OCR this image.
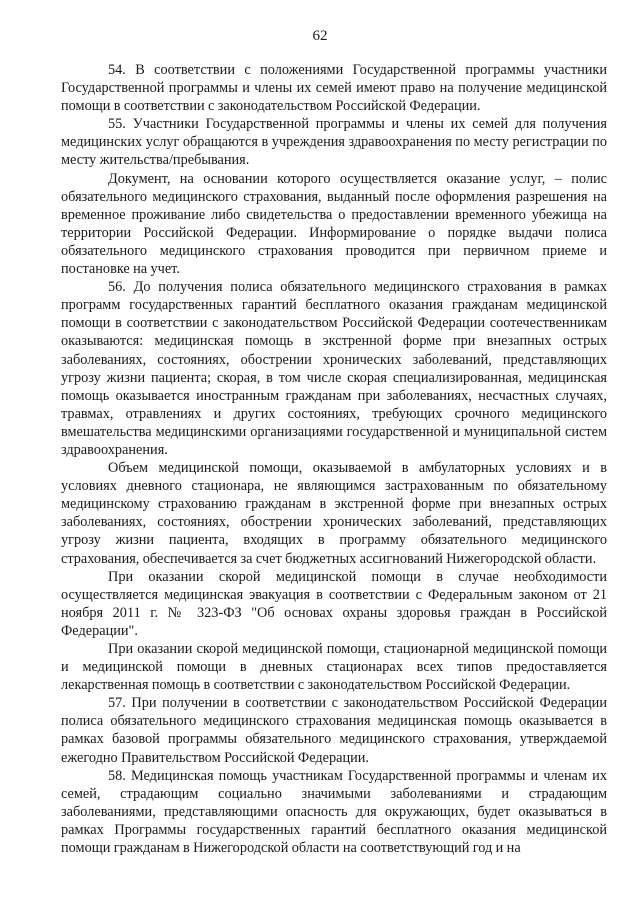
62

54. В соответствии с положениями Государственной программы участники Государственной программы и члены их семей имеют право на получение медицинской помощи в соответствии с законодательством Российской Федерации.

55. Участники Государственной программы и члены их семей для получения медицинских услуг обращаются в учреждения здравоохранения по месту регистрации по месту жительства/пребывания.

Документ, на основании которого осуществляется оказание услуг, – полис обязательного медицинского страхования, выданный после оформления разрешения на временное проживание либо свидетельства о предоставлении временного убежища на территории Российской Федерации. Информирование о порядке выдачи полиса обязательного медицинского страхования проводится при первичном приеме и постановке на учет.

56. До получения полиса обязательного медицинского страхования в рамках программ государственных гарантий бесплатного оказания гражданам медицинской помощи в соответствии с законодательством Российской Федерации соотечественникам оказываются: медицинская помощь в экстренной форме при внезапных острых заболеваниях, состояниях, обострении хронических заболеваний, представляющих угрозу жизни пациента; скорая, в том числе скорая специализированная, медицинская помощь оказывается иностранным гражданам при заболеваниях, несчастных случаях, травмах, отравлениях и других состояниях, требующих срочного медицинского вмешательства медицинскими организациями государственной и муниципальной систем здравоохранения.

Объем медицинской помощи, оказываемой в амбулаторных условиях и в условиях дневного стационара, не являющимся застрахованным по обязательному медицинскому страхованию гражданам в экстренной форме при внезапных острых заболеваниях, состояниях, обострении хронических заболеваний, представляющих угрозу жизни пациента, входящих в программу обязательного медицинского страхования, обеспечивается за счет бюджетных ассигнований Нижегородской области.

При оказании скорой медицинской помощи в случае необходимости осуществляется медицинская эвакуация в соответствии с Федеральным законом от 21 ноября 2011 г. № 323-ФЗ "Об основах охраны здоровья граждан в Российской Федерации".

При оказании скорой медицинской помощи, стационарной медицинской помощи и медицинской помощи в дневных стационарах всех типов предоставляется лекарственная помощь в соответствии с законодательством Российской Федерации.

57. При получении в соответствии с законодательством Российской Федерации полиса обязательного медицинского страхования медицинская помощь оказывается в рамках базовой программы обязательного медицинского страхования, утверждаемой ежегодно Правительством Российской Федерации.

58. Медицинская помощь участникам Государственной программы и членам их семей, страдающим социально значимыми заболеваниями и страдающим заболеваниями, представляющими опасность для окружающих, будет оказываться в рамках Программы государственных гарантий бесплатного оказания медицинской помощи гражданам в Нижегородской области на соответствующий год и на
